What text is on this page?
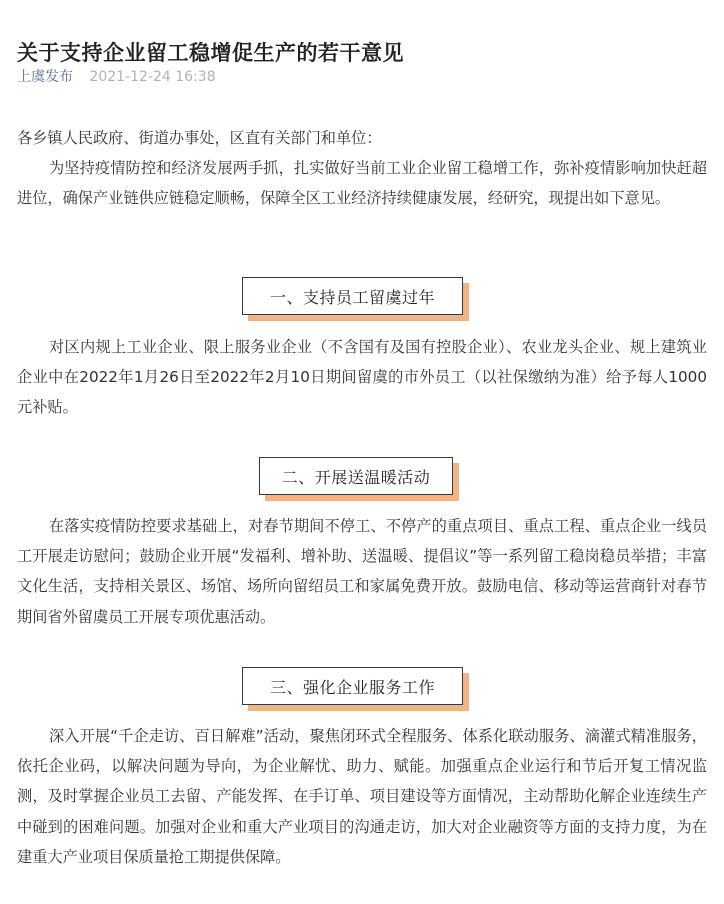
关于支持企业留工稳增促生产的若干意见
上虞发布 2021-12-24 16:38

各乡镇人民政府、街道办事处，区直有关部门和单位：

为坚持疫情防控和经济发展两手抓，扎实做好当前工业企业留工稳增工作，弥补疫情影响加快赶超进位，确保产业链供应链稳定顺畅，保障全区工业经济持续健康发展，经研究，现提出如下意见。

一、支持员工留虞过年

对区内规上工业企业、限上服务业企业（不含国有及国有控股企业）、农业龙头企业、规上建筑业企业中在2022年1月26日至2022年2月10日期间留虞的市外员工（以社保缴纳为准）给予每人1000元补贴。

二、开展送温暖活动

在落实疫情防控要求基础上，对春节期间不停工、不停产的重点项目、重点工程、重点企业一线员工开展走访慰问；鼓励企业开展“发福利、增补助、送温暖、提倡议”等一系列留工稳岗稳员举措；丰富文化生活，支持相关景区、场馆、场所向留绍员工和家属免费开放。鼓励电信、移动等运营商针对春节期间省外留虞员工开展专项优惠活动。

三、强化企业服务工作

深入开展“千企走访、百日解难”活动，聚焦闭环式全程服务、体系化联动服务、滴灌式精准服务，依托企业码，以解决问题为导向，为企业解忧、助力、赋能。加强重点企业运行和节后开复工情况监测，及时掌握企业员工去留、产能发挥、在手订单、项目建设等方面情况，主动帮助化解企业连续生产中碰到的困难问题。加强对企业和重大产业项目的沟通走访，加大对企业融资等方面的支持力度，为在建重大产业项目保质量抢工期提供保障。
